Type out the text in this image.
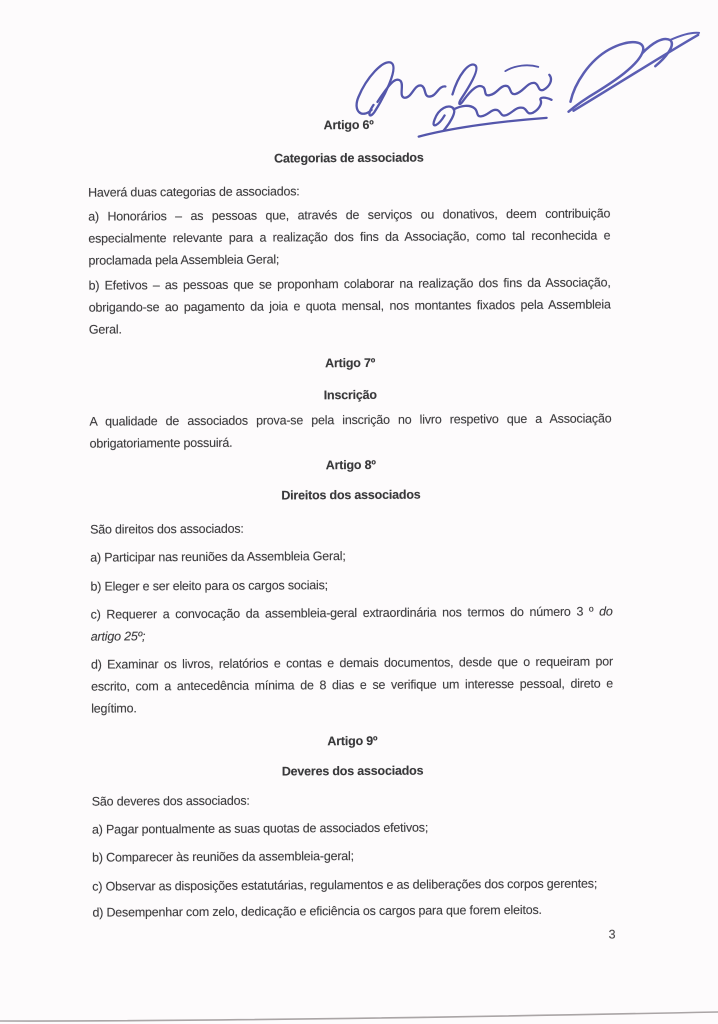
Artigo 6º
Categorias de associados
Haverá duas categorias de associados:
a) Honorários – as pessoas que, através de serviços ou donativos, deem contribuição
especialmente relevante para a realização dos fins da Associação, como tal reconhecida e
proclamada pela Assembleia Geral;
b) Efetivos – as pessoas que se proponham colaborar na realização dos fins da Associação,
obrigando-se ao pagamento da joia e quota mensal, nos montantes fixados pela Assembleia
Geral.
Artigo 7º
Inscrição
A qualidade de associados prova-se pela inscrição no livro respetivo que a Associação
obrigatoriamente possuirá.
Artigo 8º
Direitos dos associados
São direitos dos associados:
a) Participar nas reuniões da Assembleia Geral;
b) Eleger e ser eleito para os cargos sociais;
c) Requerer a convocação da assembleia-geral extraordinária nos termos do número 3 º do
artigo 25º;
d) Examinar os livros, relatórios e contas e demais documentos, desde que o requeiram por
escrito, com a antecedência mínima de 8 dias e se verifique um interesse pessoal, direto e
legítimo.
Artigo 9º
Deveres dos associados
São deveres dos associados:
a) Pagar pontualmente as suas quotas de associados efetivos;
b) Comparecer às reuniões da assembleia-geral;
c) Observar as disposições estatutárias, regulamentos e as deliberações dos corpos gerentes;
d) Desempenhar com zelo, dedicação e eficiência os cargos para que forem eleitos.
3
